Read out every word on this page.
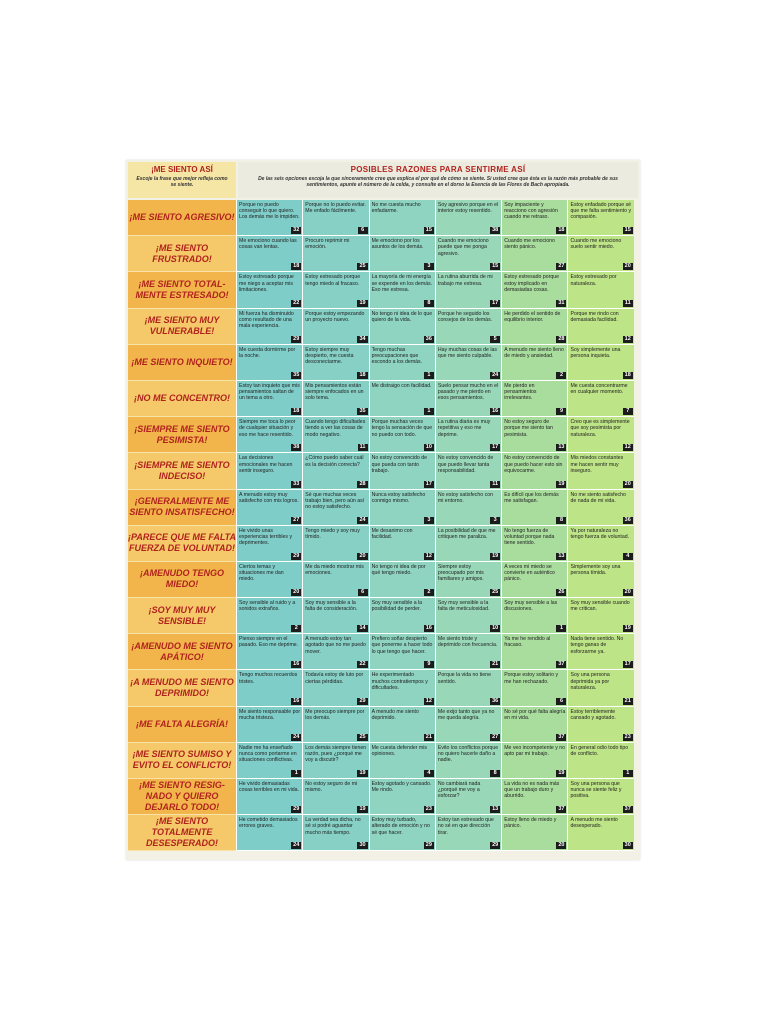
¡ME SIENTO ASÍ
Escoje la frase que mejor refleja como se siente.
POSIBLES RAZONES PARA SENTIRME ASÍ
De las seis opciones escoja la que sinceramente cree que explica el por qué de cómo se siente. Si usted cree que ésta es la razón más probable de sus sentimientos, apunte el número de la celda, y consulte en el dorso la Esencia de las Flores de Bach apropiada.
¡ME SIENTO AGRESIVO!
Porque no puedo conseguir lo que quiero. Los demás me lo impiden.
32
Porque no lo puedo evitar. Me enfado fácilmente.
6
No me cuesta mucho enfadarme.
15
Soy agresivo porque en el interior estoy resentido.
38
Soy impaciente y reacciono con agresión cuando me retraso.
18
Estoy enfadado porque sé que me falta sentimiento y compasión.
15
¡ME SIENTO FRUSTRADO!
Me emociono cuando las cosas van lentas.
18
Procuro reprimir mi emoción.
25
Me emociono por los asuntos de los demás.
3
Cuando me emociono puede que me ponga agresivo.
15
Cuando me emociono siento pánico.
27
Cuando me emociono suelo sentir miedo.
20
¡ME SIENTO TOTAL-MENTE ESTRESADO!
Estoy estresado porque me niego a aceptar mis limitaciones.
22
Estoy estresado porque tengo miedo al fracaso.
19
La mayoría de mi energía se expende en los demás. Eso me estresa.
8
La rutina aburrida de mi trabajo me estresa.
17
Estoy estresado porque estoy implicado en demasiadas cosas.
31
Estoy estresado por naturaleza.
11
¡ME SIENTO MUY VULNERABLE!
Mi fuerza ha disminuido como resultado de una mala experiencia.
29
Porque estoy empezando un proyecto nuevo.
34
No tengo ni idea de lo que quiero de la vida.
36
Porque he seguido los consejos de los demás.
5
He perdido el sentido de equilibrio interior.
28
Porque me rindo con demasiada facilidad.
12
¡ME SIENTO INQUIETO!
Me cuesta dormirme por la noche.
35
Estoy siempre muy despierto, me cuesta desconectarme.
18
Tengo muchas preocupaciones que escondo a los demás.
1
Hay muchas cosas de las que me siento culpable.
24
A menudo me siento lleno de miedo y ansiedad.
2
Soy simplemente una persona inquieta.
18
¡NO ME CONCENTRO!
Estoy tan inquieto que mis pensamientos saltan de un tema a otro.
18
Mis pensamientos están siempre enfocados en un solo tema.
35
Me distraigo con facilidad.
1
Suelo pensar mucho en el pasado y me pierdo en esos pensamientos.
16
Me pierdo en pensamientos irrelevantes.
9
Me cuesta concentrarme en cualquier momento.
7
¡SIEMPRE ME SIENTO PESIMISTA!
Siempre me toca lo peor de cualquier situación y eso me hace resentido.
38
Cuando tengo dificultades tiendo a ver las cosas de modo negativo.
11
Porque muchas veces tengo la sensación de que no puedo con todo.
10
La rutina diaria es muy repetitiva y eso me deprime.
17
No estoy seguro de porque me siento tan pesimista.
13
Creo que es simplemente que soy pesimista por naturaleza.
12
¡SIEMPRE ME SIENTO INDECISO!
Las decisiones emocionales me hacen sentir inseguro.
33
¿Cómo puedo saber cuál es la decisión correcta?
28
No estoy convencido de que pueda con tanto trabajo.
17
No estoy convencido de que puedo llevar tanta responsabilidad.
11
No estoy convencido de que puedo hacer esto sin equivocarme.
19
Mis miedos constantes me hacen sentir muy inseguro.
20
¡GENERALMENTE ME SIENTO INSATISFECHO!
A menudo estoy muy satisfecho con mis logros.
27
Sé que muchas veces trabajo bien, pero aún así no estoy satisfecho.
24
Nunca estoy satisfecho conmigo mismo.
3
No estoy satisfecho con mi entorno.
3
Es difícil que los demás me satisfagan.
8
No me siento satisfecho de nada de mi vida.
36
¡PARECE QUE ME FALTA FUERZA DE VOLUNTAD!
He vivido unas experiencias terribles y deprimentes.
29
Tengo miedo y soy muy tímido.
20
Me desanimo con facilidad.
12
La posibilidad de que me critiquen me paraliza.
19
No tengo fuerza de voluntad porque nada tiene sentido.
13
Ya por naturaleza no tengo fuerza de voluntad.
4
¡AMENUDO TENGO MIEDO!
Ciertos temas y situaciones me dan miedo.
20
Me da miedo mostrar mis emociones.
6
No tengo ni idea de por qué tengo miedo.
2
Siempre estoy preocupado por mis familiares y amigos.
25
A veces mi miedo se convierte en auténtico pánico.
26
Simplemente soy una persona tímida.
20
¡SOY MUY MUY SENSIBLE!
Soy sensible al ruido y a sonidos extraños.
2
Soy muy sensible a la falta de consideración.
14
Soy muy sensible a la posibilidad de perder.
16
Soy muy sensible a la falta de meticulosidad.
10
Soy muy sensible a las discusiones.
1
Soy muy sensible cuando me critican.
19
¡AMENUDO ME SIENTO APÁTICO!
Pienso siempre en el pasado. Eso me deprime.
16
A menudo estoy tan agotado que no me puedo mover.
22
Prefiero soñar despierto que ponerme a hacer todo lo que tengo que hacer.
9
Me siento triste y deprimido con frecuencia.
21
Ya me he rendido al fracaso.
37
Nada tiene sentido. No tengo ganas de esforzarme ya.
17
¡A MENUDO ME SIENTO DEPRIMIDO!
Tengo muchos recuerdos tristes.
16
Todavía estoy de luto por ciertas pérdidas.
29
He experimentado muchos contratiempos y dificultades.
12
Porque la vida no tiene sentido.
36
Porque estoy solitario y me han rechazado.
6
Soy una persona deprimida ya por naturaleza.
21
¡ME FALTA ALEGRÍA!
Me siento responsable por mucha tristeza.
24
Me preocupo siempre por los demás.
25
A menudo me siento deprimido.
21
Me exijo tanto que ya no me queda alegría.
27
No sé por qué falta alegría en mi vida.
37
Estoy terriblemente cansado y agotado.
23
¡ME SIENTO SUMISO Y EVITO EL CONFLICTO!
Nadie me ha enseñado nunca como portarme en situaciones conflictivas.
1
Los demás siempre tienen razón, pues ¿porqué me voy a discutir?
19
Me cuesta defender mis opiniones.
4
Evito los conflictos porque no quiero hacerle daño a nadie.
8
Me veo incompetente y no apto par mi trabajo.
19
En general odio todo tipo de conflicto.
1
¡ME SIENTO RESIG-NADO Y QUIERO DEJARLO TODO!
He vivido demasiadas cosas terribles en mi vida.
29
No estoy seguro de mi mismo.
19
Estoy agotado y cansado. Me rindo.
23
No cambiará nada ¿porqué me voy a esforzar?
13
La vida no es nada más que un trabajo duro y aburrido.
37
Soy una persona que nunca se siente feliz y positiva.
37
¡ME SIENTO TOTALMENTE DESESPERADO!
He cometido demasiados errores graves.
24
La verdad sea dicha, no sé si podré aguantar mucho más tiempo.
30
Estoy muy turbado, alterado de emoción y no sé que hacer.
29
Estoy tan estresado que no sé en que dirección tirar.
29
Estoy lleno de miedo y pánico.
20
A menudo me siento desesperado.
30
